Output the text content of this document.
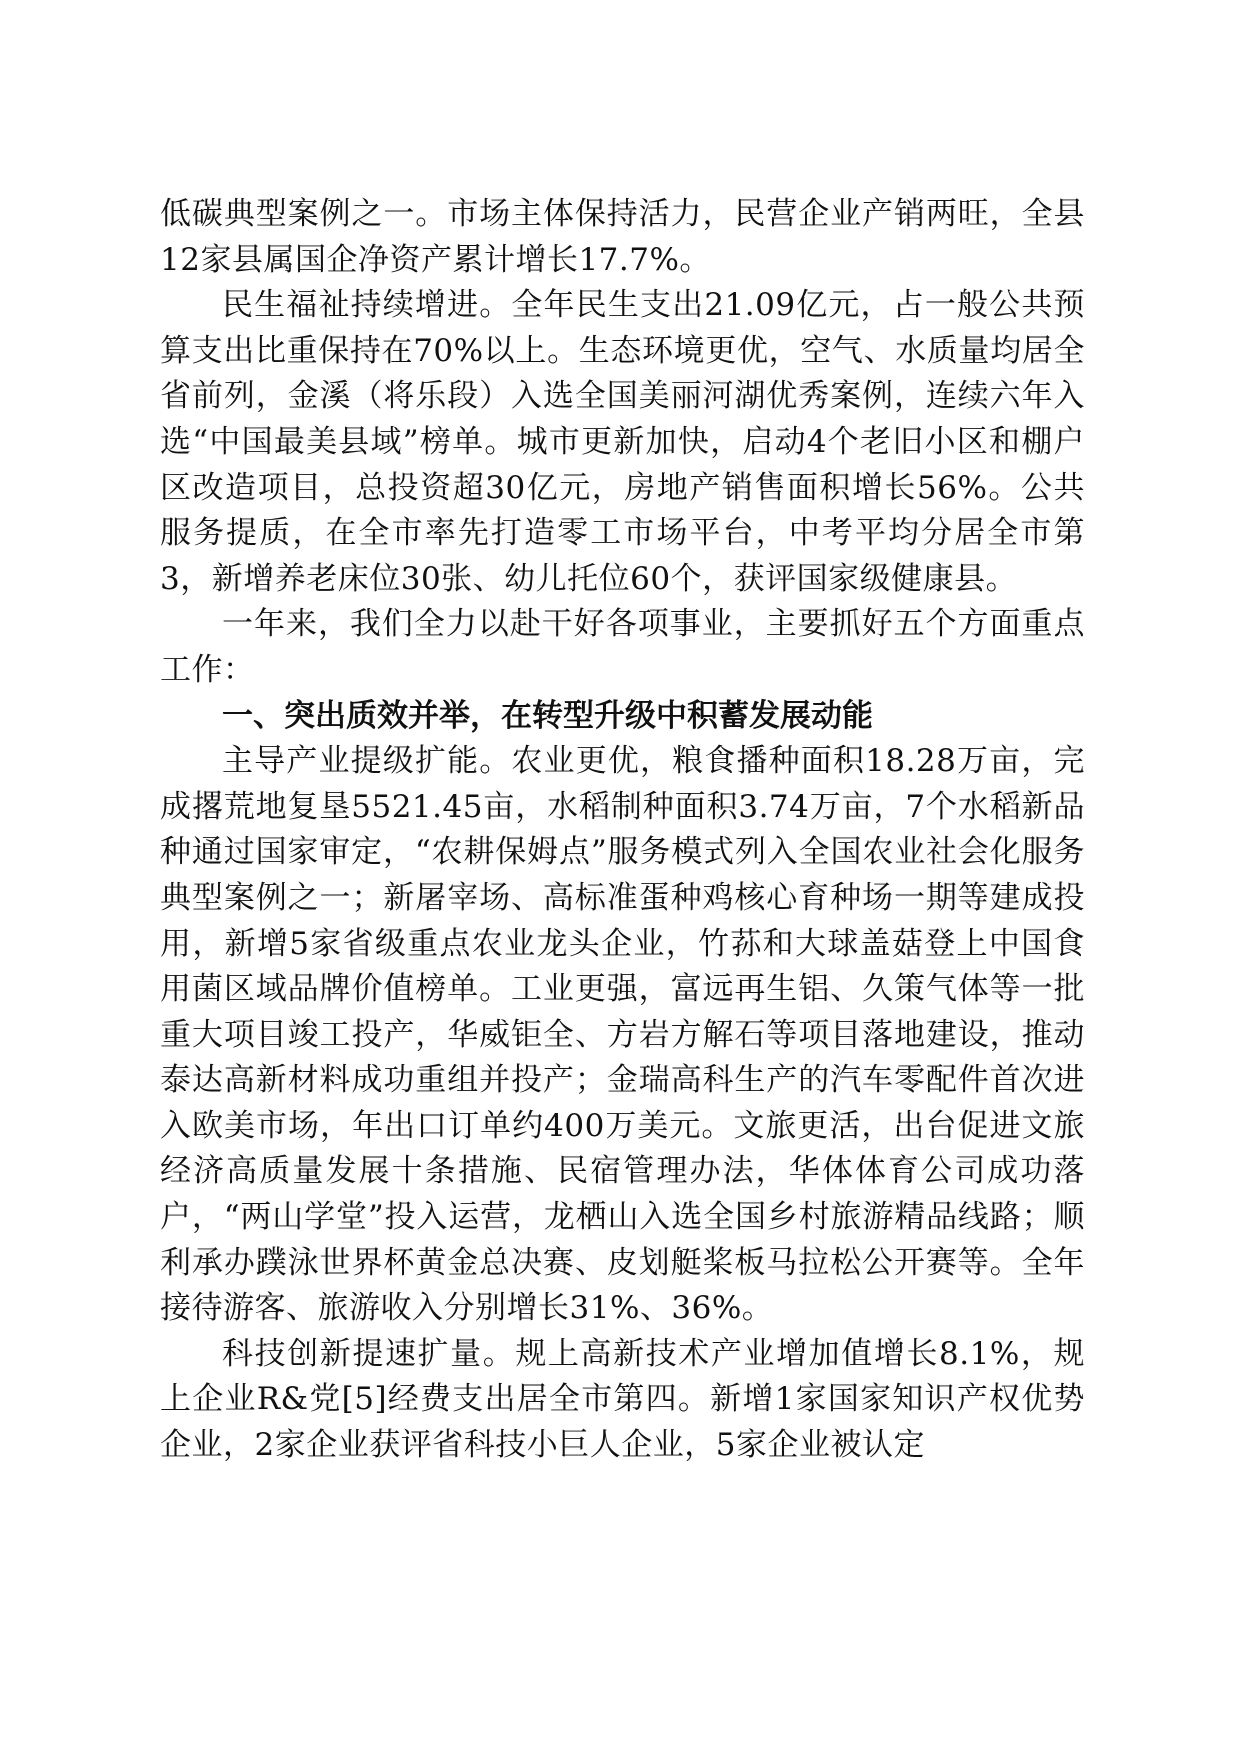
低碳典型案例之一。市场主体保持活力，民营企业产销两旺，全县12家县属国企净资产累计增长17.7%。

民生福祉持续增进。全年民生支出21.09亿元，占一般公共预算支出比重保持在70%以上。生态环境更优，空气、水质量均居全省前列，金溪（将乐段）入选全国美丽河湖优秀案例，连续六年入选“中国最美县域”榜单。城市更新加快，启动4个老旧小区和棚户区改造项目，总投资超30亿元，房地产销售面积增长56%。公共服务提质，在全市率先打造零工市场平台，中考平均分居全市第3，新增养老床位30张、幼儿托位60个，获评国家级健康县。

一年来，我们全力以赴干好各项事业，主要抓好五个方面重点工作：

一、突出质效并举，在转型升级中积蓄发展动能

主导产业提级扩能。农业更优，粮食播种面积18.28万亩，完成撂荒地复垦5521.45亩，水稻制种面积3.74万亩，7个水稻新品种通过国家审定，“农耕保姆点”服务模式列入全国农业社会化服务典型案例之一；新屠宰场、高标准蛋种鸡核心育种场一期等建成投用，新增5家省级重点农业龙头企业，竹荪和大球盖菇登上中国食用菌区域品牌价值榜单。工业更强，富远再生铝、久策气体等一批重大项目竣工投产，华威钜全、方岩方解石等项目落地建设，推动泰达高新材料成功重组并投产；金瑞高科生产的汽车零配件首次进入欧美市场，年出口订单约400万美元。文旅更活，出台促进文旅经济高质量发展十条措施、民宿管理办法，华体体育公司成功落户，“两山学堂”投入运营，龙栖山入选全国乡村旅游精品线路；顺利承办蹼泳世界杯黄金总决赛、皮划艇桨板马拉松公开赛等。全年接待游客、旅游收入分别增长31%、36%。

科技创新提速扩量。规上高新技术产业增加值增长8.1%，规上企业R&党[5]经费支出居全市第四。新增1家国家知识产权优势企业，2家企业获评省科技小巨人企业，5家企业被认定
